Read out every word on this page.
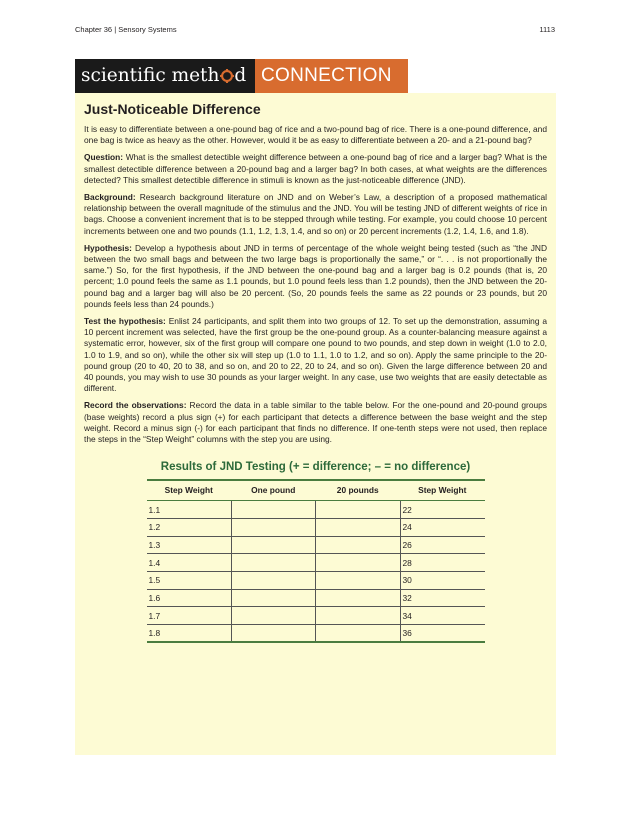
Chapter 36 | Sensory Systems	1113
scientific meth d CONNECTION
Just-Noticeable Difference

It is easy to differentiate between a one-pound bag of rice and a two-pound bag of rice. There is a one-pound difference, and one bag is twice as heavy as the other. However, would it be as easy to differentiate between a 20- and a 21-pound bag?

Question: What is the smallest detectible weight difference between a one-pound bag of rice and a larger bag? What is the smallest detectible difference between a 20-pound bag and a larger bag? In both cases, at what weights are the differences detected? This smallest detectible difference in stimuli is known as the just-noticeable difference (JND).

Background: Research background literature on JND and on Weber’s Law, a description of a proposed mathematical relationship between the overall magnitude of the stimulus and the JND. You will be testing JND of different weights of rice in bags. Choose a convenient increment that is to be stepped through while testing. For example, you could choose 10 percent increments between one and two pounds (1.1, 1.2, 1.3, 1.4, and so on) or 20 percent increments (1.2, 1.4, 1.6, and 1.8).

Hypothesis: Develop a hypothesis about JND in terms of percentage of the whole weight being tested (such as “the JND between the two small bags and between the two large bags is proportionally the same,” or “. . . is not proportionally the same.”) So, for the first hypothesis, if the JND between the one-pound bag and a larger bag is 0.2 pounds (that is, 20 percent; 1.0 pound feels the same as 1.1 pounds, but 1.0 pound feels less than 1.2 pounds), then the JND between the 20-pound bag and a larger bag will also be 20 percent. (So, 20 pounds feels the same as 22 pounds or 23 pounds, but 20 pounds feels less than 24 pounds.)

Test the hypothesis: Enlist 24 participants, and split them into two groups of 12. To set up the demonstration, assuming a 10 percent increment was selected, have the first group be the one-pound group. As a counter-balancing measure against a systematic error, however, six of the first group will compare one pound to two pounds, and step down in weight (1.0 to 2.0, 1.0 to 1.9, and so on), while the other six will step up (1.0 to 1.1, 1.0 to 1.2, and so on). Apply the same principle to the 20-pound group (20 to 40, 20 to 38, and so on, and 20 to 22, 20 to 24, and so on). Given the large difference between 20 and 40 pounds, you may wish to use 30 pounds as your larger weight. In any case, use two weights that are easily detectable as different.

Record the observations: Record the data in a table similar to the table below. For the one-pound and 20-pound groups (base weights) record a plus sign (+) for each participant that detects a difference between the base weight and the step weight. Record a minus sign (-) for each participant that finds no difference. If one-tenth steps were not used, then replace the steps in the “Step Weight” columns with the step you are using.

Results of JND Testing (+ = difference; – = no difference)
Step Weight	One pound	20 pounds	Step Weight
1.1			22
1.2			24
1.3			26
1.4			28
1.5			30
1.6			32
1.7			34
1.8			36
